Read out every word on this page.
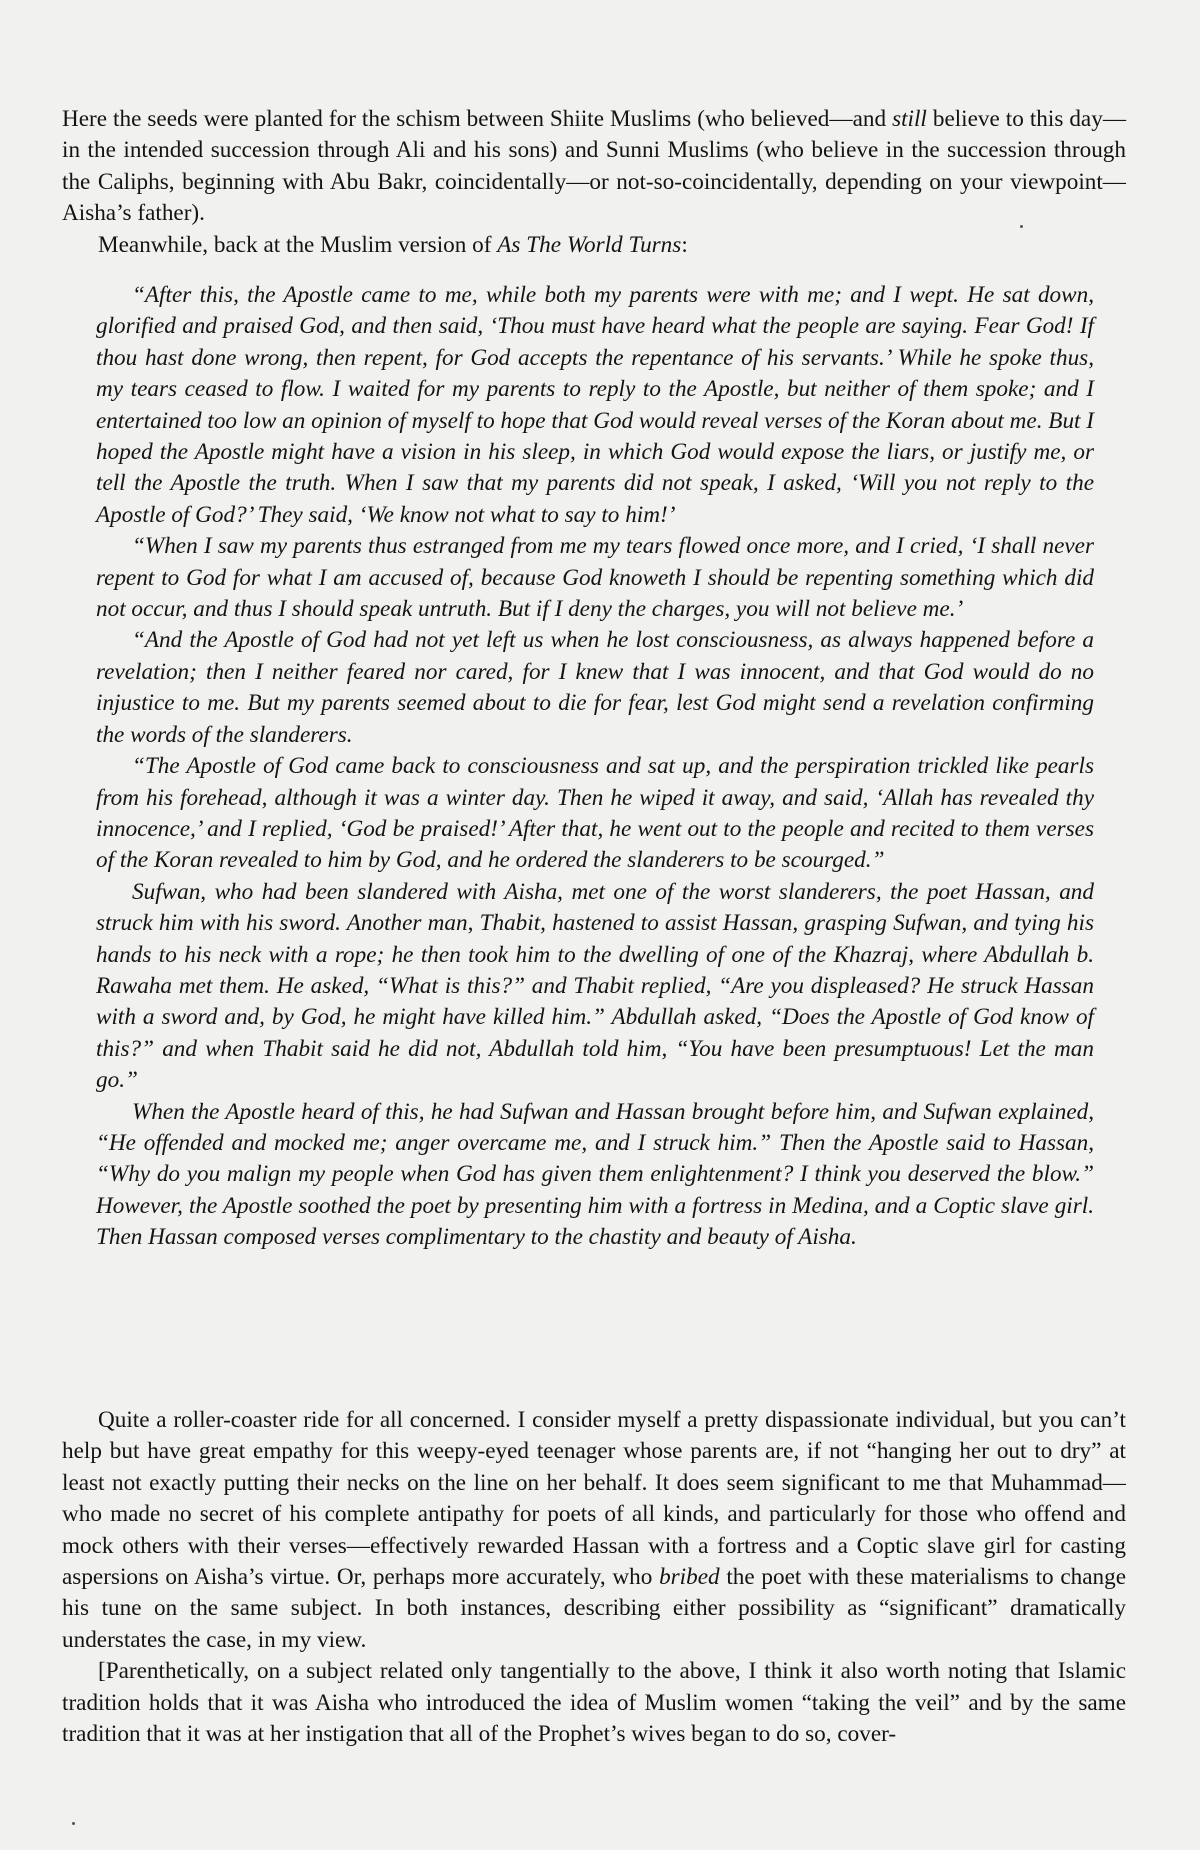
Here the seeds were planted for the schism between Shiite Muslims (who believed—and still believe to this day—in the intended succession through Ali and his sons) and Sunni Muslims (who believe in the succession through the Caliphs, beginning with Abu Bakr, coincidentally—or not-so-coincidentally, depending on your viewpoint—Aisha’s father).

Meanwhile, back at the Muslim version of As The World Turns:

“After this, the Apostle came to me, while both my parents were with me; and I wept. He sat down, glorified and praised God, and then said, ‘Thou must have heard what the people are saying. Fear God! If thou hast done wrong, then repent, for God accepts the repentance of his servants.’ While he spoke thus, my tears ceased to flow. I waited for my parents to reply to the Apostle, but neither of them spoke; and I entertained too low an opinion of myself to hope that God would reveal verses of the Koran about me. But I hoped the Apostle might have a vision in his sleep, in which God would expose the liars, or justify me, or tell the Apostle the truth. When I saw that my parents did not speak, I asked, ‘Will you not reply to the Apostle of God?’ They said, ‘We know not what to say to him!’

“When I saw my parents thus estranged from me my tears flowed once more, and I cried, ‘I shall never repent to God for what I am accused of, because God knoweth I should be repenting something which did not occur, and thus I should speak untruth. But if I deny the charges, you will not believe me.’

“And the Apostle of God had not yet left us when he lost consciousness, as always happened before a revelation; then I neither feared nor cared, for I knew that I was innocent, and that God would do no injustice to me. But my parents seemed about to die for fear, lest God might send a revelation confirming the words of the slanderers.

“The Apostle of God came back to consciousness and sat up, and the perspiration trickled like pearls from his forehead, although it was a winter day. Then he wiped it away, and said, ‘Allah has revealed thy innocence,’ and I replied, ‘God be praised!’ After that, he went out to the people and recited to them verses of the Koran revealed to him by God, and he ordered the slanderers to be scourged.”

Sufwan, who had been slandered with Aisha, met one of the worst slanderers, the poet Hassan, and struck him with his sword. Another man, Thabit, hastened to assist Hassan, grasping Sufwan, and tying his hands to his neck with a rope; he then took him to the dwelling of one of the Khazraj, where Abdullah b. Rawaha met them. He asked, “What is this?” and Thabit replied, “Are you displeased? He struck Hassan with a sword and, by God, he might have killed him.” Abdullah asked, “Does the Apostle of God know of this?” and when Thabit said he did not, Abdullah told him, “You have been presumptuous! Let the man go.”

When the Apostle heard of this, he had Sufwan and Hassan brought before him, and Sufwan explained, “He offended and mocked me; anger overcame me, and I struck him.” Then the Apostle said to Hassan, “Why do you malign my people when God has given them enlightenment? I think you deserved the blow.” However, the Apostle soothed the poet by presenting him with a fortress in Medina, and a Coptic slave girl. Then Hassan composed verses complimentary to the chastity and beauty of Aisha.

Quite a roller-coaster ride for all concerned. I consider myself a pretty dispassionate individual, but you can’t help but have great empathy for this weepy-eyed teenager whose parents are, if not “hanging her out to dry” at least not exactly putting their necks on the line on her behalf. It does seem significant to me that Muhammad—who made no secret of his complete antipathy for poets of all kinds, and particularly for those who offend and mock others with their verses—effectively rewarded Hassan with a fortress and a Coptic slave girl for casting aspersions on Aisha’s virtue. Or, perhaps more accurately, who bribed the poet with these materialisms to change his tune on the same subject. In both instances, describing either possibility as “significant” dramatically understates the case, in my view.

[Parenthetically, on a subject related only tangentially to the above, I think it also worth noting that Islamic tradition holds that it was Aisha who introduced the idea of Muslim women “taking the veil” and by the same tradition that it was at her instigation that all of the Prophet’s wives began to do so, cover-
